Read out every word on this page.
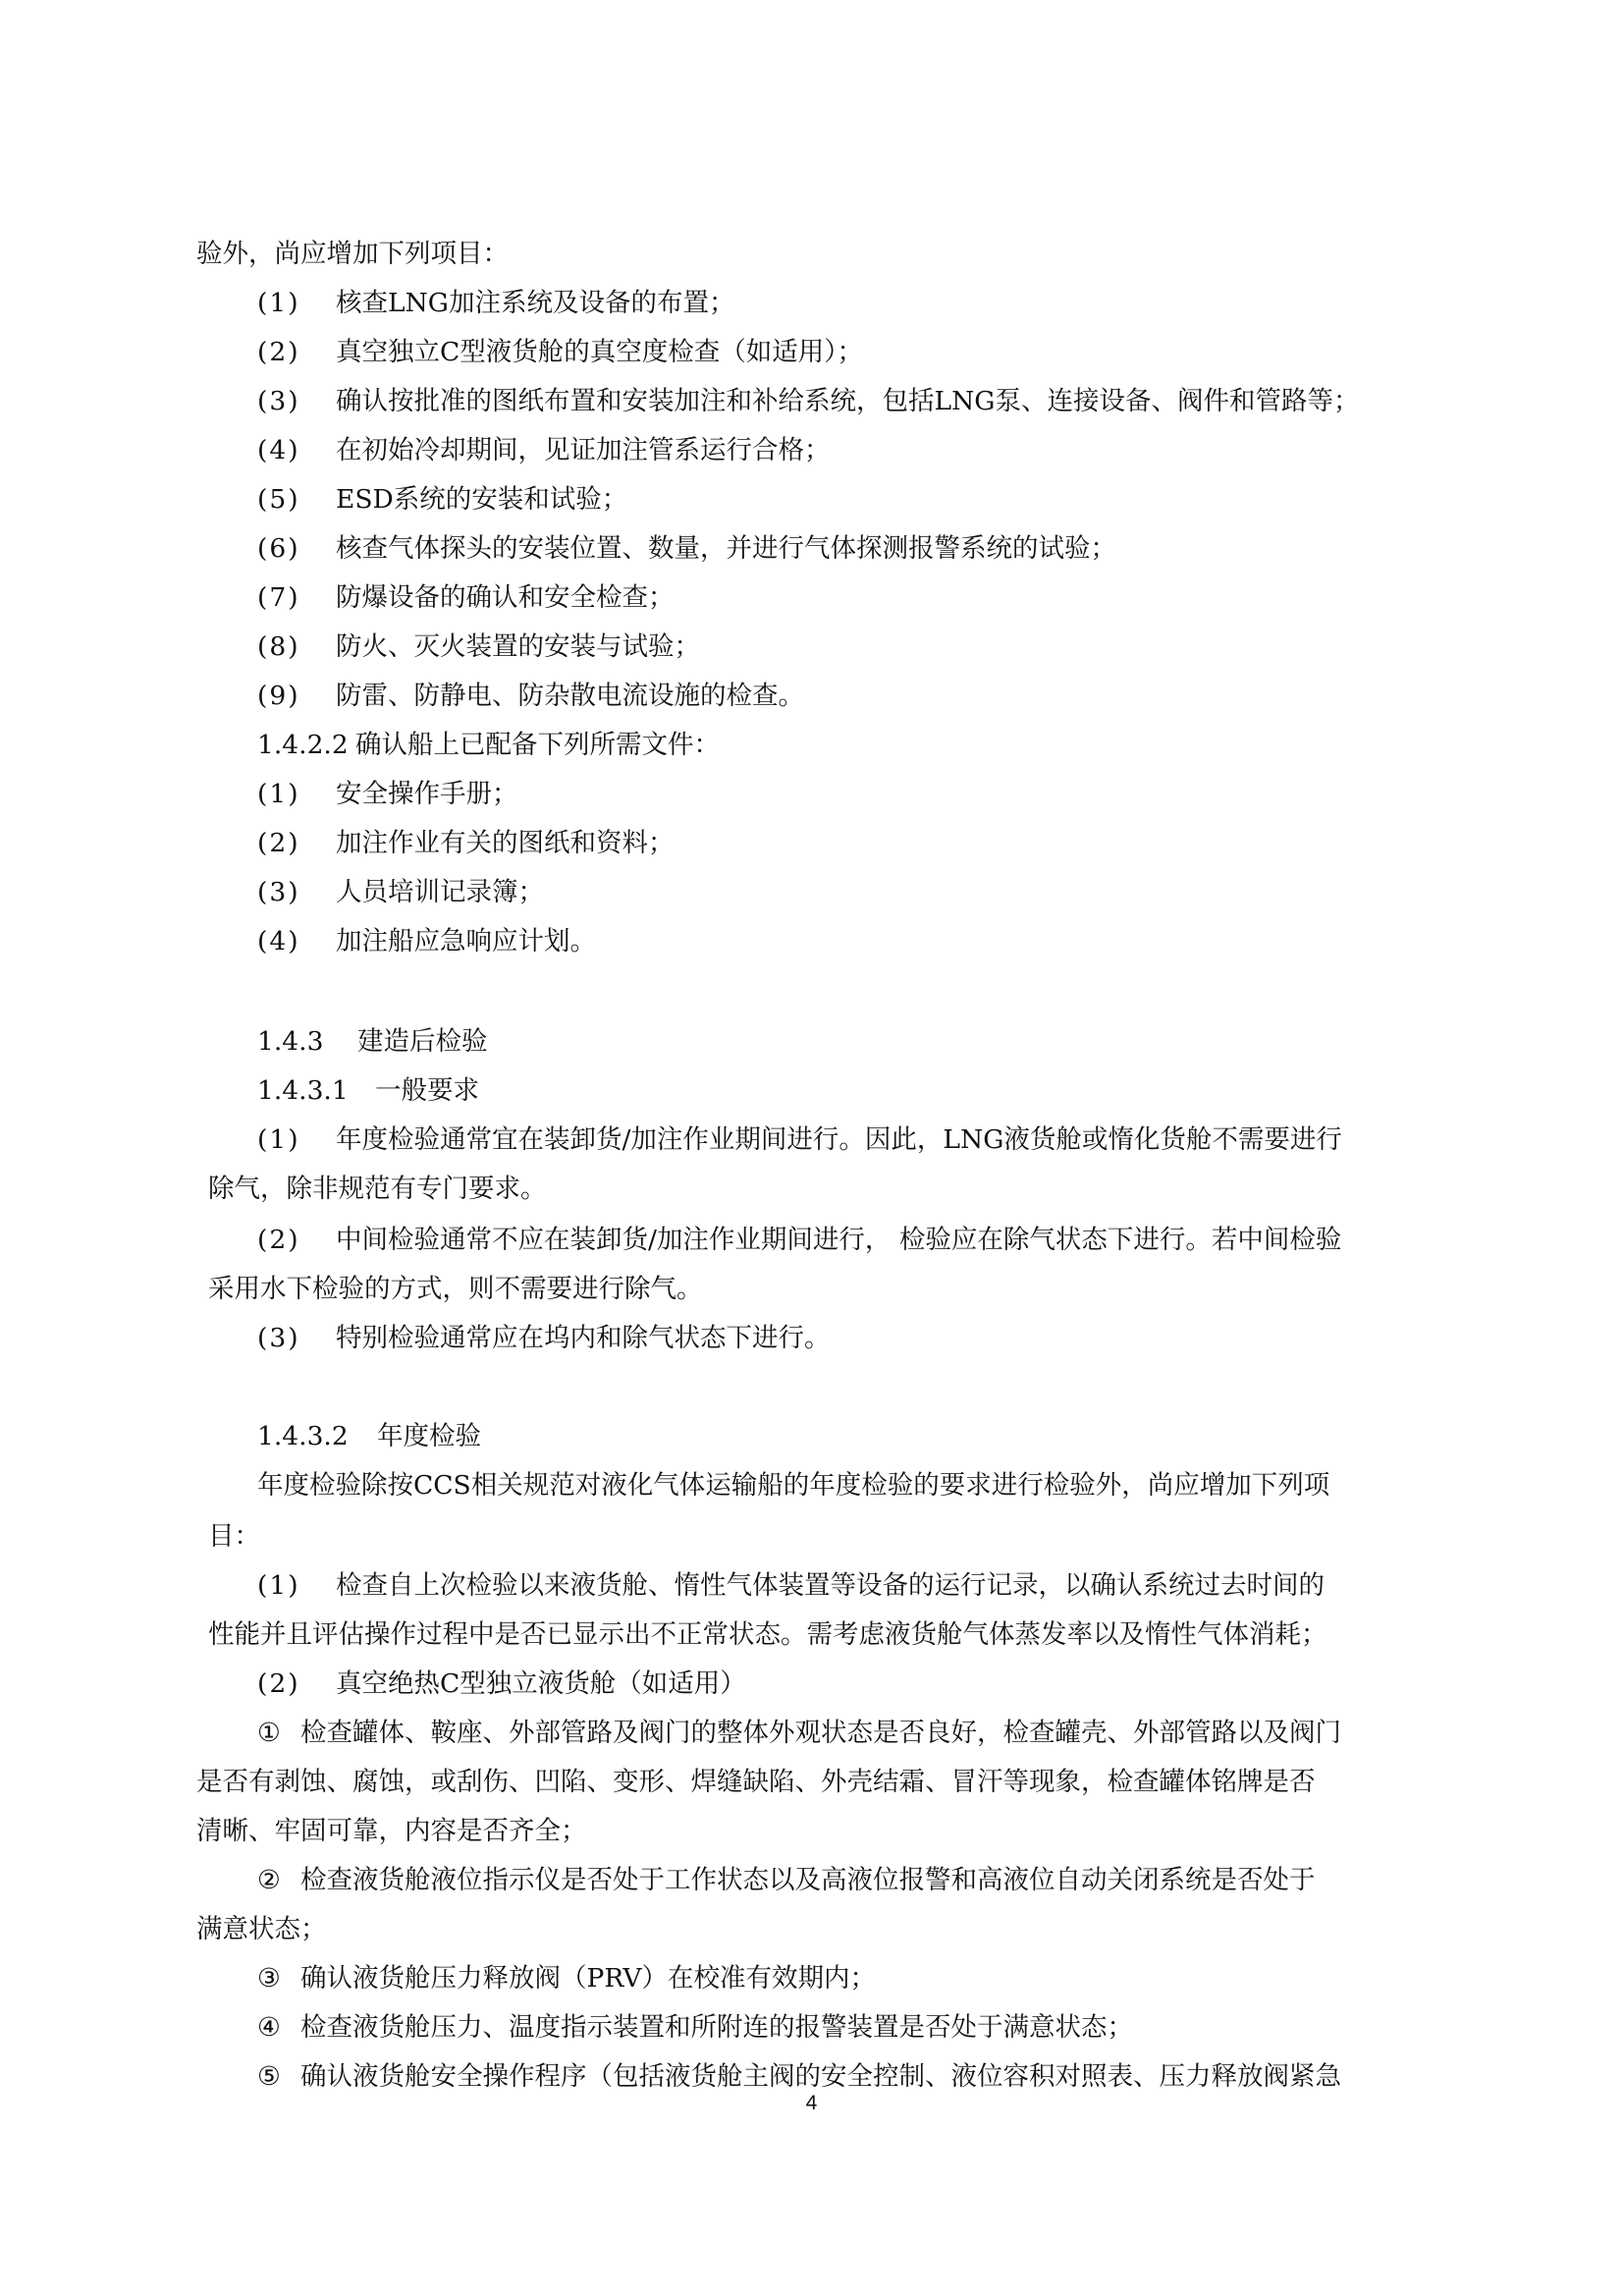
验外，尚应增加下列项目：

(1) 核查LNG加注系统及设备的布置；

(2) 真空独立C型液货舱的真空度检查（如适用）；

(3) 确认按批准的图纸布置和安装加注和补给系统，包括LNG泵、连接设备、阀件和管路等；

(4) 在初始冷却期间，见证加注管系运行合格；

(5) ESD系统的安装和试验；

(6) 核查气体探头的安装位置、数量，并进行气体探测报警系统的试验；

(7) 防爆设备的确认和安全检查；

(8) 防火、灭火装置的安装与试验；

(9) 防雷、防静电、防杂散电流设施的检查。

1.4.2.2 确认船上已配备下列所需文件：

(1) 安全操作手册；

(2) 加注作业有关的图纸和资料；

(3) 人员培训记录簿；

(4) 加注船应急响应计划。

1.4.3 建造后检验

1.4.3.1 一般要求

(1) 年度检验通常宜在装卸货/加注作业期间进行。因此，LNG液货舱或惰化货舱不需要进行

除气，除非规范有专门要求。

(2) 中间检验通常不应在装卸货/加注作业期间进行， 检验应在除气状态下进行。若中间检验

采用水下检验的方式，则不需要进行除气。

(3) 特别检验通常应在坞内和除气状态下进行。

1.4.3.2 年度检验

年度检验除按CCS相关规范对液化气体运输船的年度检验的要求进行检验外，尚应增加下列项

目：

(1) 检查自上次检验以来液货舱、惰性气体装置等设备的运行记录，以确认系统过去时间的

性能并且评估操作过程中是否已显示出不正常状态。需考虑液货舱气体蒸发率以及惰性气体消耗；

(2) 真空绝热C型独立液货舱（如适用）

① 检查罐体、鞍座、外部管路及阀门的整体外观状态是否良好，检查罐壳、外部管路以及阀门

是否有剥蚀、腐蚀，或刮伤、凹陷、变形、焊缝缺陷、外壳结霜、冒汗等现象，检查罐体铭牌是否

清晰、牢固可靠，内容是否齐全；

② 检查液货舱液位指示仪是否处于工作状态以及高液位报警和高液位自动关闭系统是否处于

满意状态；

③ 确认液货舱压力释放阀（PRV）在校准有效期内；

④ 检查液货舱压力、温度指示装置和所附连的报警装置是否处于满意状态；

⑤ 确认液货舱安全操作程序（包括液货舱主阀的安全控制、液位容积对照表、压力释放阀紧急

4
